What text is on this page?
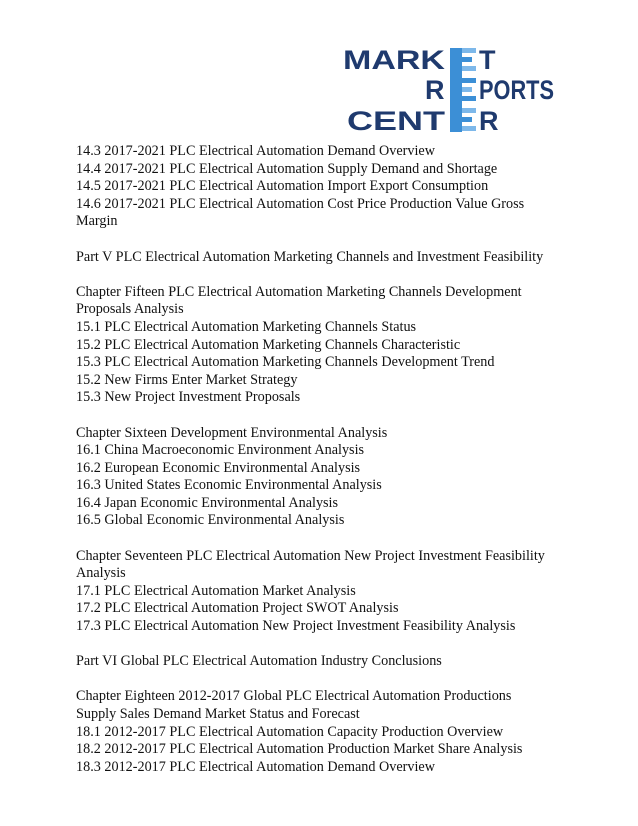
MARK T
R PORTS
CENT R
14.3 2017-2021 PLC Electrical Automation Demand Overview
14.4 2017-2021 PLC Electrical Automation Supply Demand and Shortage
14.5 2017-2021 PLC Electrical Automation Import Export Consumption
14.6 2017-2021 PLC Electrical Automation Cost Price Production Value Gross
Margin
Part V PLC Electrical Automation Marketing Channels and Investment Feasibility
Chapter Fifteen PLC Electrical Automation Marketing Channels Development
Proposals Analysis
15.1 PLC Electrical Automation Marketing Channels Status
15.2 PLC Electrical Automation Marketing Channels Characteristic
15.3 PLC Electrical Automation Marketing Channels Development Trend
15.2 New Firms Enter Market Strategy
15.3 New Project Investment Proposals
Chapter Sixteen Development Environmental Analysis
16.1 China Macroeconomic Environment Analysis
16.2 European Economic Environmental Analysis
16.3 United States Economic Environmental Analysis
16.4 Japan Economic Environmental Analysis
16.5 Global Economic Environmental Analysis
Chapter Seventeen PLC Electrical Automation New Project Investment Feasibility
Analysis
17.1 PLC Electrical Automation Market Analysis
17.2 PLC Electrical Automation Project SWOT Analysis
17.3 PLC Electrical Automation New Project Investment Feasibility Analysis
Part VI Global PLC Electrical Automation Industry Conclusions
Chapter Eighteen 2012-2017 Global PLC Electrical Automation Productions
Supply Sales Demand Market Status and Forecast
18.1 2012-2017 PLC Electrical Automation Capacity Production Overview
18.2 2012-2017 PLC Electrical Automation Production Market Share Analysis
18.3 2012-2017 PLC Electrical Automation Demand Overview
